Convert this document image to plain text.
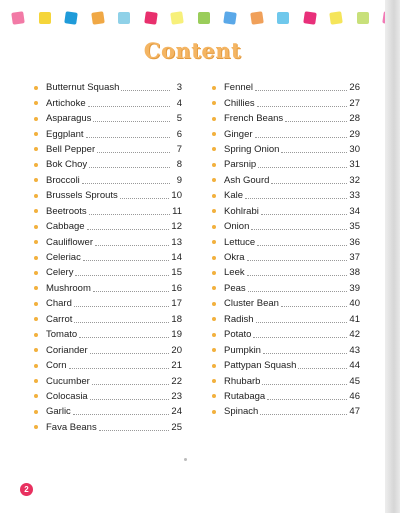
Content
Butternut Squash	3
Artichoke	4
Asparagus	5
Eggplant	6
Bell Pepper	7
Bok Choy	8
Broccoli	9
Brussels Sprouts	10
Beetroots	11
Cabbage	12
Cauliflower	13
Celeriac	14
Celery	15
Mushroom	16
Chard	17
Carrot	18
Tomato	19
Coriander	20
Corn	21
Cucumber	22
Colocasia	23
Garlic	24
Fava Beans	25
Fennel	26
Chillies	27
French Beans	28
Ginger	29
Spring Onion	30
Parsnip	31
Ash Gourd	32
Kale	33
Kohlrabi	34
Onion	35
Lettuce	36
Okra	37
Leek	38
Peas	39
Cluster Bean	40
Radish	41
Potato	42
Pumpkin	43
Pattypan Squash	44
Rhubarb	45
Rutabaga	46
Spinach	47
2
